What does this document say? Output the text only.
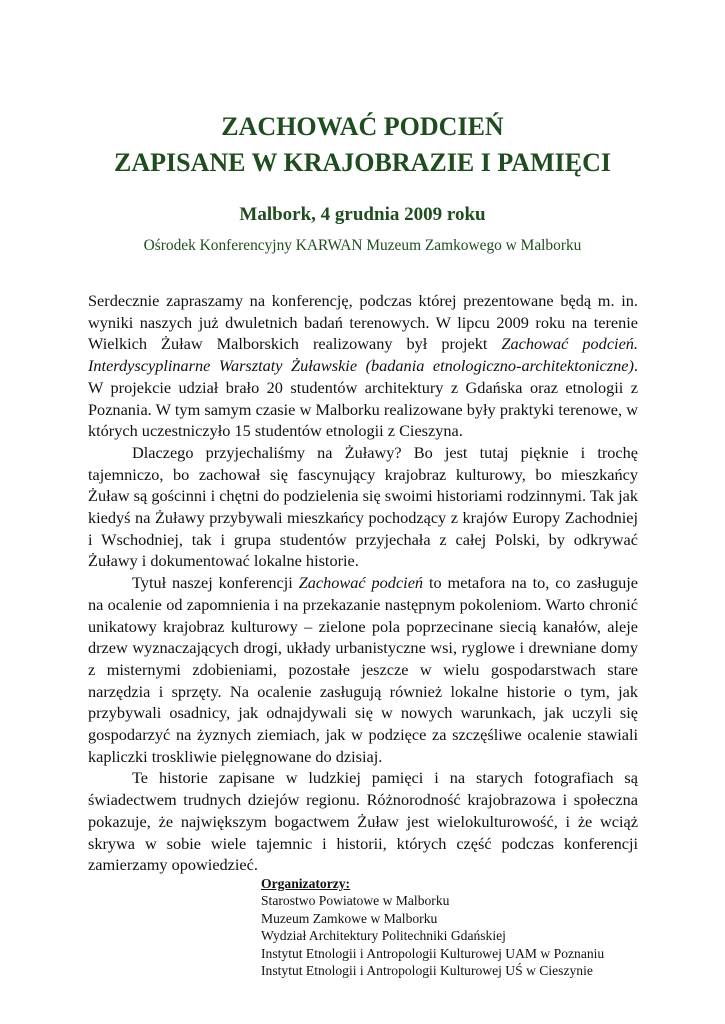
ZACHOWAĆ PODCIEŃ
ZAPISANE W KRAJOBRAZIE I PAMIĘCI
Malbork, 4 grudnia 2009 roku

Ośrodek Konferencyjny KARWAN Muzeum Zamkowego w Malborku

Serdecznie zapraszamy na konferencję, podczas której prezentowane będą m. in. wyniki naszych już dwuletnich badań terenowych. W lipcu 2009 roku na terenie Wielkich Żuław Malborskich realizowany był projekt Zachować podcień. Interdyscyplinarne Warsztaty Żuławskie (badania etnologiczno-architektoniczne). W projekcie udział brało 20 studentów architektury z Gdańska oraz etnologii z Poznania. W tym samym czasie w Malborku realizowane były praktyki terenowe, w których uczestniczyło 15 studentów etnologii z Cieszyna.

Dlaczego przyjechaliśmy na Żuławy? Bo jest tutaj pięknie i trochę tajemniczo, bo zachował się fascynujący krajobraz kulturowy, bo mieszkańcy Żuław są gościnni i chętni do podzielenia się swoimi historiami rodzinnymi. Tak jak kiedyś na Żuławy przybywali mieszkańcy pochodzący z krajów Europy Zachodniej i Wschodniej, tak i grupa studentów przyjechała z całej Polski, by odkrywać Żuławy i dokumentować lokalne historie.

Tytuł naszej konferencji Zachować podcień to metafora na to, co zasługuje na ocalenie od zapomnienia i na przekazanie następnym pokoleniom. Warto chronić unikatowy krajobraz kulturowy – zielone pola poprzecinane siecią kanałów, aleje drzew wyznaczających drogi, układy urbanistyczne wsi, ryglowe i drewniane domy z misternymi zdobieniami, pozostałe jeszcze w wielu gospodarstwach stare narzędzia i sprzęty. Na ocalenie zasługują również lokalne historie o tym, jak przybywali osadnicy, jak odnajdywali się w nowych warunkach, jak uczyli się gospodarzyć na żyznych ziemiach, jak w podzięce za szczęśliwe ocalenie stawiali kapliczki troskliwie pielęgnowane do dzisiaj.

Te historie zapisane w ludzkiej pamięci i na starych fotografiach są świadectwem trudnych dziejów regionu. Różnorodność krajobrazowa i społeczna pokazuje, że największym bogactwem Żuław jest wielokulturowość, i że wciąż skrywa w sobie wiele tajemnic i historii, których część podczas konferencji zamierzamy opowiedzieć.

Organizatorzy:
Starostwo Powiatowe w Malborku
Muzeum Zamkowe w Malborku
Wydział Architektury Politechniki Gdańskiej
Instytut Etnologii i Antropologii Kulturowej UAM w Poznaniu
Instytut Etnologii i Antropologii Kulturowej UŚ w Cieszynie
